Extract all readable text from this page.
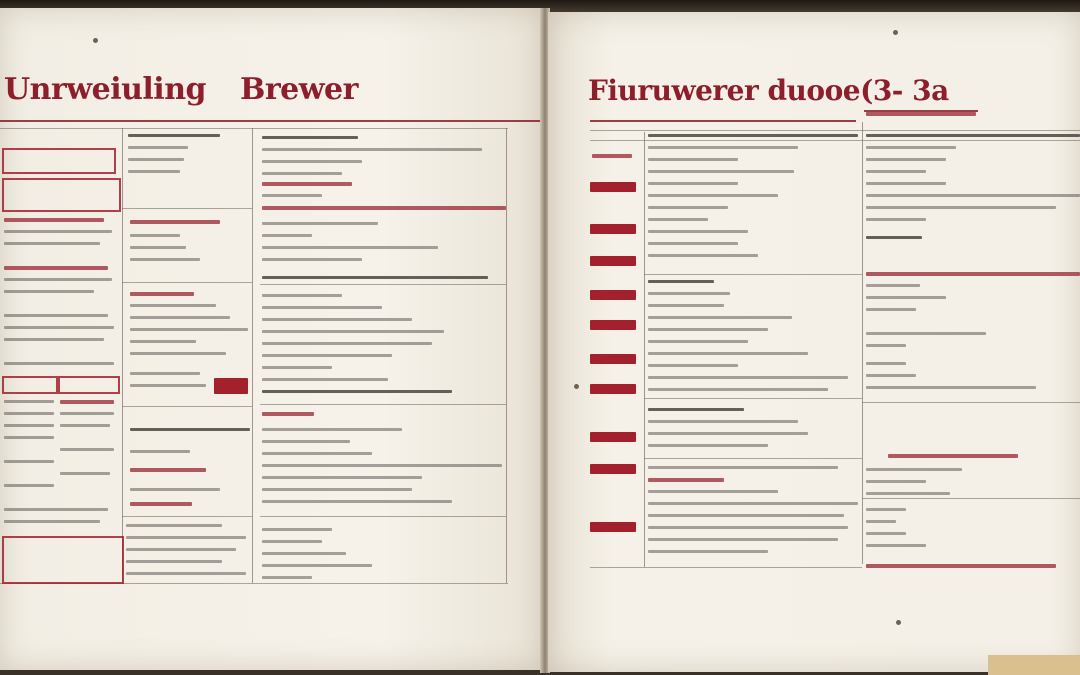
Unrweiuling Brewer	Fiuruwerer duooe(3- 3a
